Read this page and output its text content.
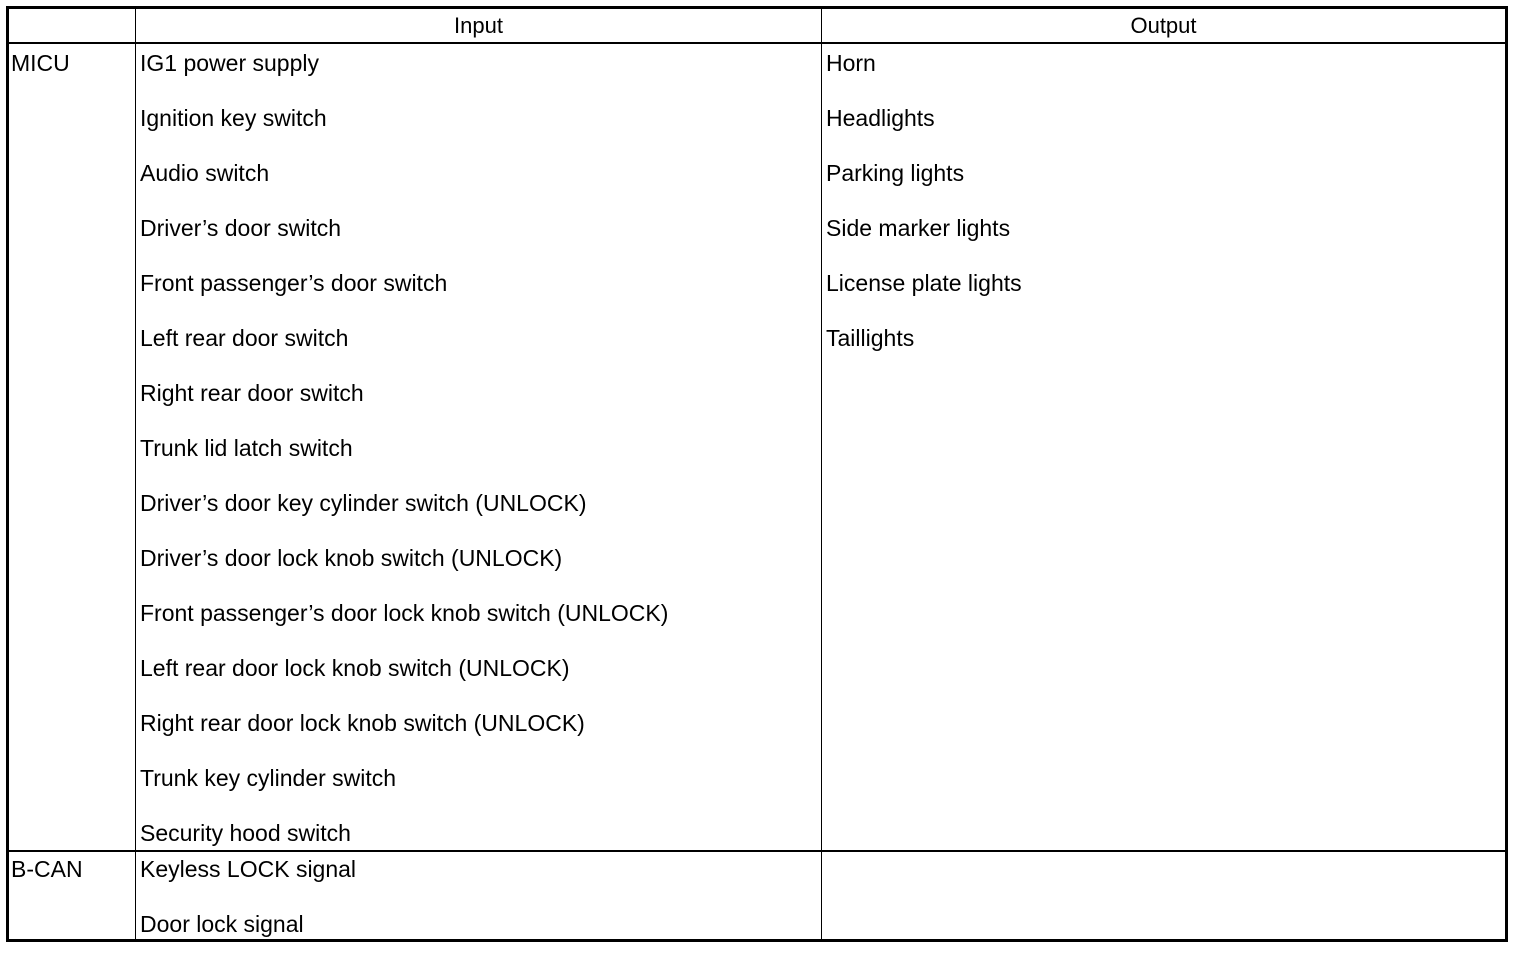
Input	Output
MICU	IG1 power supply
Ignition key switch
Audio switch
Driver’s door switch
Front passenger’s door switch
Left rear door switch
Right rear door switch
Trunk lid latch switch
Driver’s door key cylinder switch (UNLOCK)
Driver’s door lock knob switch (UNLOCK)
Front passenger’s door lock knob switch (UNLOCK)
Left rear door lock knob switch (UNLOCK)
Right rear door lock knob switch (UNLOCK)
Trunk key cylinder switch
Security hood switch
Horn
Headlights
Parking lights
Side marker lights
License plate lights
Taillights
B-CAN Keyless LOCK signal
Door lock signal
